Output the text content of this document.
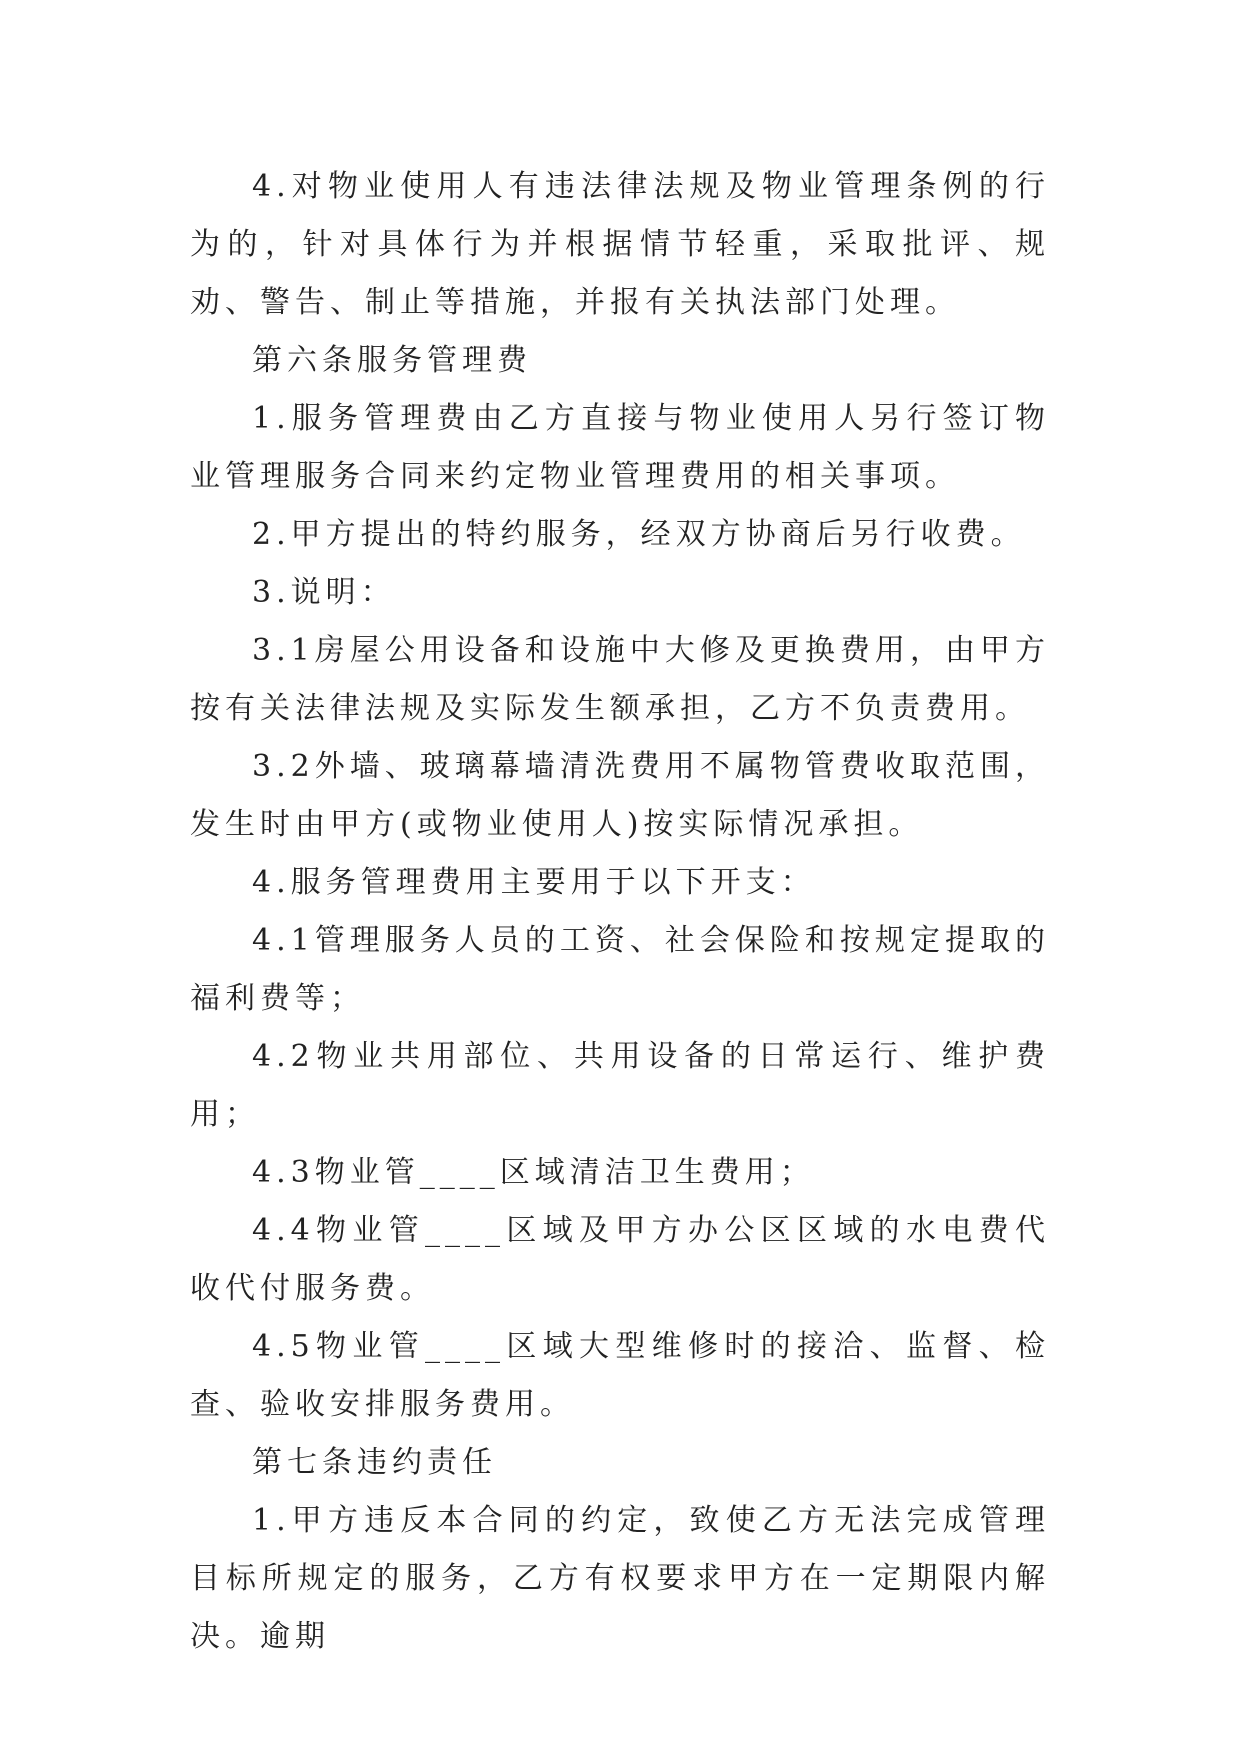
4.对物业使用人有违法律法规及物业管理条例的行为的，针对具体行为并根据情节轻重，采取批评、规劝、警告、制止等措施，并报有关执法部门处理。

第六条服务管理费

1.服务管理费由乙方直接与物业使用人另行签订物业管理服务合同来约定物业管理费用的相关事项。

2.甲方提出的特约服务，经双方协商后另行收费。

3.说明：

3.1房屋公用设备和设施中大修及更换费用，由甲方按有关法律法规及实际发生额承担，乙方不负责费用。

3.2外墙、玻璃幕墙清洗费用不属物管费收取范围，发生时由甲方(或物业使用人)按实际情况承担。

4.服务管理费用主要用于以下开支：

4.1管理服务人员的工资、社会保险和按规定提取的福利费等；

4.2物业共用部位、共用设备的日常运行、维护费用；

4.3物业管____区域清洁卫生费用；

4.4物业管____区域及甲方办公区区域的水电费代收代付服务费。

4.5物业管____区域大型维修时的接洽、监督、检查、验收安排服务费用。

第七条违约责任

1.甲方违反本合同的约定，致使乙方无法完成管理目标所规定的服务，乙方有权要求甲方在一定期限内解决。逾期
